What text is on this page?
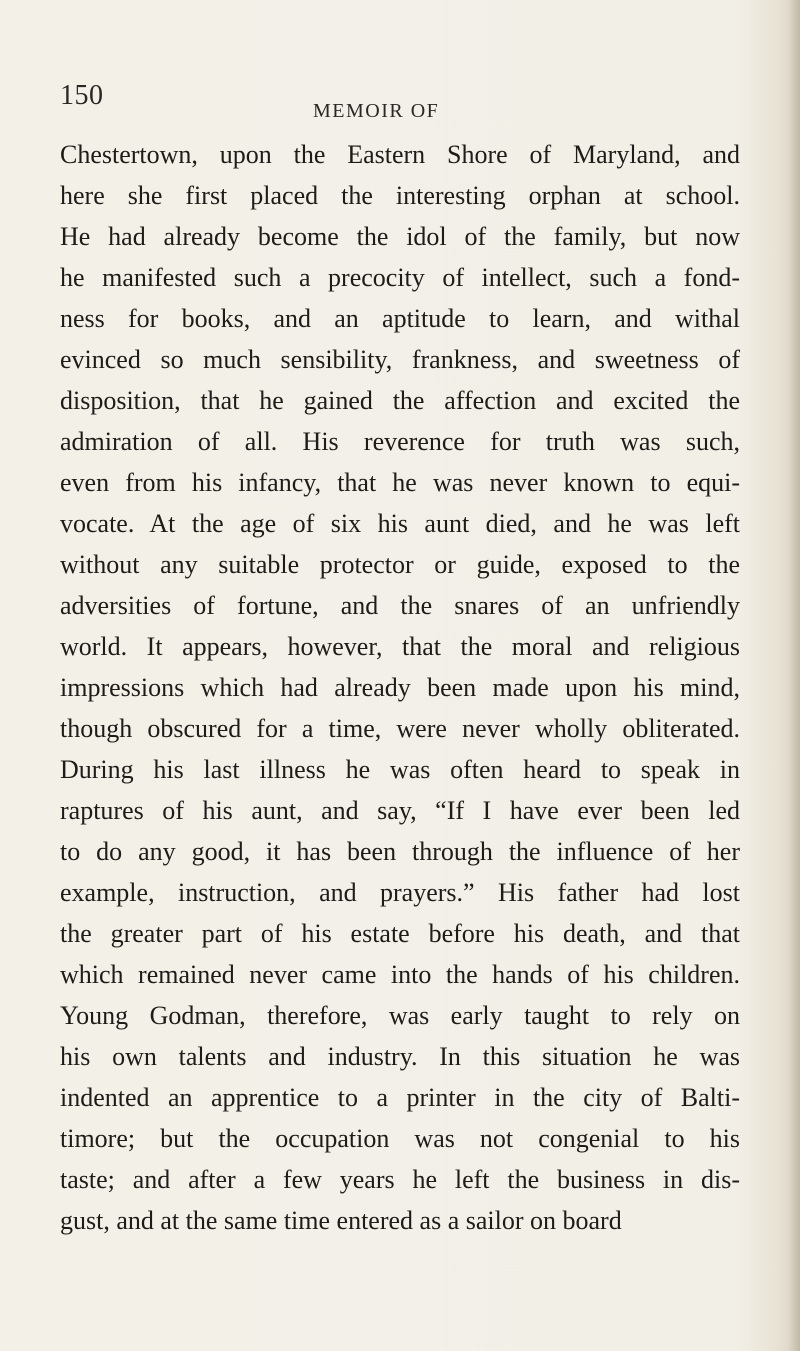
150	MEMOIR OF
Chestertown, upon the Eastern Shore of Maryland, and
here she first placed the interesting orphan at school.
He had already become the idol of the family, but now
he manifested such a precocity of intellect, such a fond-
ness for books, and an aptitude to learn, and withal
evinced so much sensibility, frankness, and sweetness of
disposition, that he gained the affection and excited the
admiration of all. His reverence for truth was such,
even from his infancy, that he was never known to equi-
vocate. At the age of six his aunt died, and he was left
without any suitable protector or guide, exposed to the
adversities of fortune, and the snares of an unfriendly
world. It appears, however, that the moral and religious
impressions which had already been made upon his mind,
though obscured for a time, were never wholly obliterated.
During his last illness he was often heard to speak in
raptures of his aunt, and say, “If I have ever been led
to do any good, it has been through the influence of her
example, instruction, and prayers.” His father had lost
the greater part of his estate before his death, and that
which remained never came into the hands of his children.
Young Godman, therefore, was early taught to rely on
his own talents and industry. In this situation he was
indented an apprentice to a printer in the city of Balti-
timore; but the occupation was not congenial to his
taste; and after a few years he left the business in dis-
gust, and at the same time entered as a sailor on board
